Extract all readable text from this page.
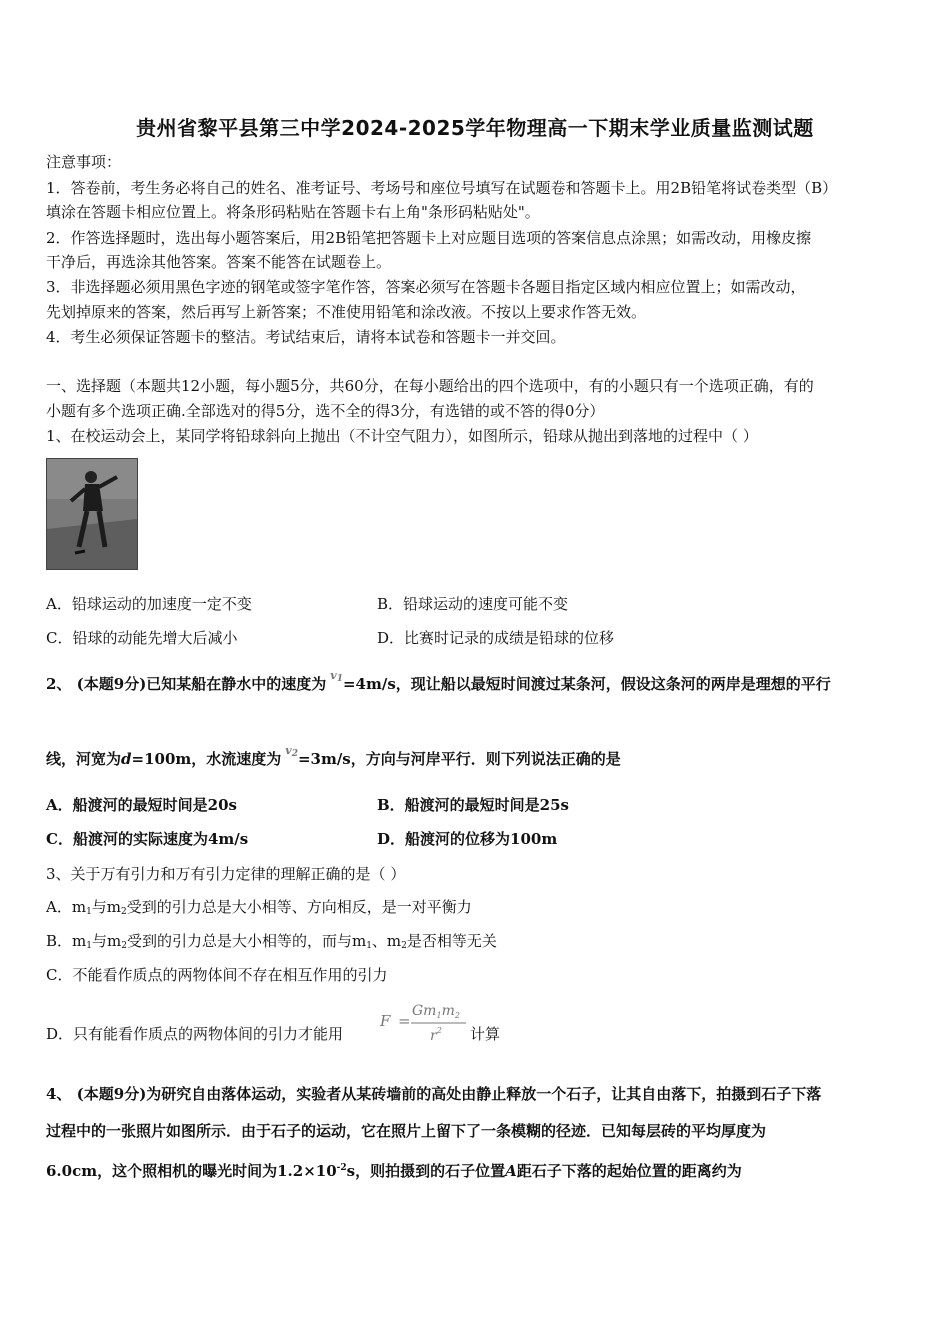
贵州省黎平县第三中学2024-2025学年物理高一下期末学业质量监测试题
注意事项：
1．答卷前，考生务必将自己的姓名、准考证号、考场号和座位号填写在试题卷和答题卡上。用2B铅笔将试卷类型（B）
填涂在答题卡相应位置上。将条形码粘贴在答题卡右上角"条形码粘贴处"。
2．作答选择题时，选出每小题答案后，用2B铅笔把答题卡上对应题目选项的答案信息点涂黑；如需改动，用橡皮擦
干净后，再选涂其他答案。答案不能答在试题卷上。
3．非选择题必须用黑色字迹的钢笔或签字笔作答，答案必须写在答题卡各题目指定区域内相应位置上；如需改动，
先划掉原来的答案，然后再写上新答案；不准使用铅笔和涂改液。不按以上要求作答无效。
4．考生必须保证答题卡的整洁。考试结束后，请将本试卷和答题卡一并交回。
一、选择题（本题共12小题，每小题5分，共60分，在每小题给出的四个选项中，有的小题只有一个选项正确，有的
小题有多个选项正确.全部选对的得5分，选不全的得3分，有选错的或不答的得0分）
1、在校运动会上，某同学将铅球斜向上抛出（不计空气阻力），如图所示，铅球从抛出到落地的过程中（ ）
A．铅球运动的加速度一定不变	B．铅球运动的速度可能不变
C．铅球的动能先增大后减小	D．比赛时记录的成绩是铅球的位移
2、 (本题9分)已知某船在静水中的速度为 $v_1=4m/s$，现让船以最短时间渡过某条河，假设这条河的两岸是理想的平行
线，河宽为d=100m，水流速度为 $v_2=3m/s$，方向与河岸平行．则下列说法正确的是
A．船渡河的最短时间是20s	B．船渡河的最短时间是25s
C．船渡河的实际速度为4m/s	D．船渡河的位移为100m
3、关于万有引力和万有引力定律的理解正确的是（ ）
A．$m_1$与$m_2$受到的引力总是大小相等、方向相反，是一对平衡力
B．$m_1$与$m_2$受到的引力总是大小相等的，而与$m_1$、$m_2$是否相等无关
C．不能看作质点的两物体间不存在相互作用的引力
D．只有能看作质点的两物体间的引力才能用
F =
$Gm_1m_2$
$r^2$ 计算
4、 (本题9分)为研究自由落体运动，实验者从某砖墙前的高处由静止释放一个石子，让其自由落下，拍摄到石子下落
过程中的一张照片如图所示．由于石子的运动，它在照片上留下了一条模糊的径迹．已知每层砖的平均厚度为
6.0cm，这个照相机的曝光时间为$1.2\times 10^{-2}s$，则拍摄到的石子位置A距石子下落的起始位置的距离约为
